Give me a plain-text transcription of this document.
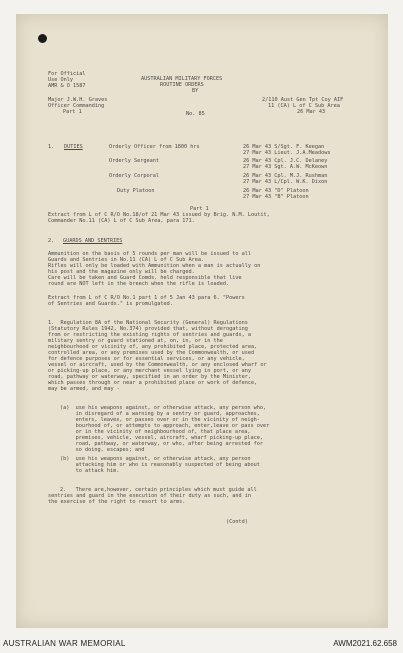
For Official
Use Only
AMR & O 1587
Major J.W.H. Graves
Officer Commanding
Part 1
AUSTRALIAN MILITARY FORCES
ROUTINE ORDERS
BY
No. 85
2/110 Aust Gen Tpt Coy AIF
11 (CA) L of C Sub Area
26 Mar 43
1. DUTIES	Orderly Officer from 1800 hrs	26 Mar 43 S/Sgt. F. Keegan
27 Mar 43 Lieut. J.A.Meadows
Orderly Sergeant	26 Mar 43 Cpl. J.C. Delaney
27 Mar 43 Sgt. A.W. McKeown
Orderly Corporal	26 Mar 43 Cpl. M.J. Rushman
27 Mar 43 L/Cpl. W.K. Dixon
Duty Platoon	26 Mar 43 "D" Platoon
27 Mar 43 "B" Platoon
Part 1
Extract from L of C R/O No.18/of 21 Mar 43 issued by Brig. N.M. Loutit,
Commander No.11 (CA) L of C Sub Area, para 171.
2. GUARDS AND SENTRIES
Ammunition on the basis of 5 rounds per man will be issued to all
Guards and Sentries in No.11 (CA) L of C Sub Area.
Rifles will only be loaded with Ammunition when a man is actually on
his post and the magazine only will be charged.
Care will be taken and Guard Comds. held responsible that live
round are NOT left in the breech when the rifle is loaded.
Extract from L of C R/O No.1 part 1 of 5 Jan 43 para 6. "Powers
of Sentries and Guards." is promulgated.
1.  Regulation 8A of the National Security (General) Regulations
(Statutory Rules 1942, No.374) provided that, without derogating
from or restricting the existing rights of sentries and guards, a
military sentry or guard stationed at, on, in, or in the
neighbourhood or vicinity of, any prohibited place, protected area,
controlled area, or any premises used by the Commonwealth, or used
for defence purposes or for essential services, or any vehicle,
vessel or aircraft, used by the Commonwealth, or any enclosed wharf or
or picking-up place, or any merchant vessel lying in port, or any
road, pathway or waterway, specified in an order by the Minister,
which passes through or near a prohibited place or work of defence,
may be armed, and may -
(a)  use his weapons against, or otherwise attack, any person who,
in disregard of a warning by a sentry or guard, approaches,
enters, leaves, or passes over or in the vicinity of neigh-
bourhood of, or attempts to approach, enter,leave or pass over
or in the vicinity of neighbourhood of, that place area,
premises, vehicle, vessel, aircraft, wharf picking-up place,
road, pathway, or waterway, or who, after being arrested for
so doing, escapes; and
(b)  use his weapons against, or otherwise attack, any person
attacking him or who is reasonably suspected of being about
to attack him.
2.   There are,however, certain principles which must guide all
sentries and guard in the execution of their duty as such, and in
the exercise of the right to resort to arms.
(Contd)
AUSTRALIAN WAR MEMORIAL	AWM2021.62.658
